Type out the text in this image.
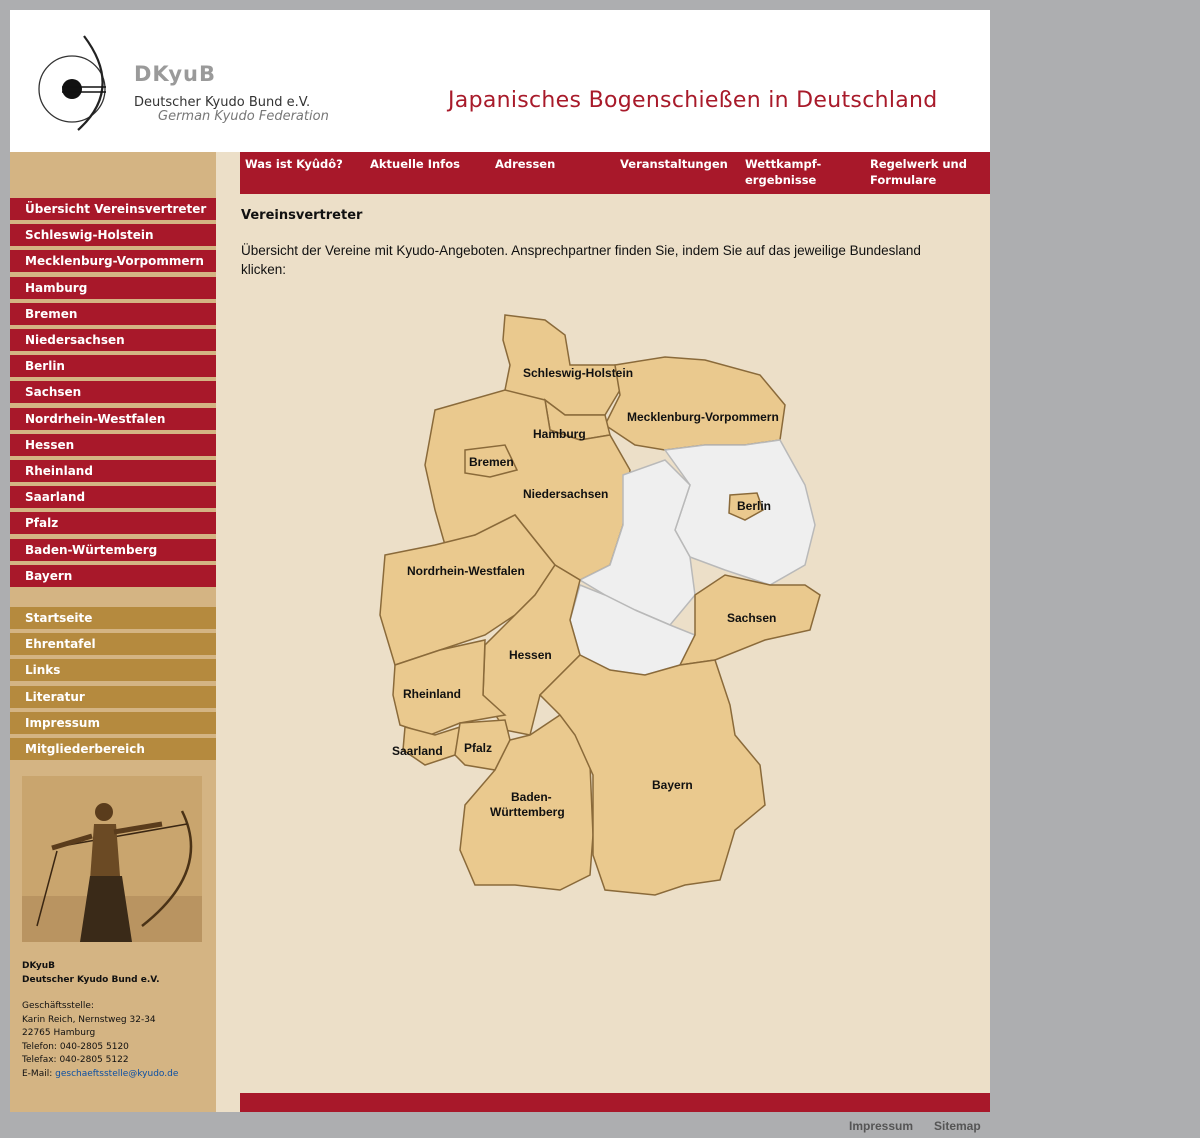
DKyuB
Deutscher Kyudo Bund e.V.
German Kyudo Federation
Japanisches Bogenschießen in Deutschland
Übersicht Vereinsvertreter
Schleswig-Holstein
Mecklenburg-Vorpommern
Hamburg
Bremen
Niedersachsen
Berlin
Sachsen
Nordrhein-Westfalen
Hessen
Rheinland
Saarland
Pfalz
Baden-Würtemberg
Bayern
Startseite
Ehrentafel
Links
Literatur
Impressum
Mitgliederbereich
DKyuB
Deutscher Kyudo Bund e.V.
Geschäftsstelle:
Karin Reich, Nernstweg 32-34
22765 Hamburg
Telefon: 040-2805 5120
Telefax: 040-2805 5122
E-Mail: geschaeftsstelle@kyudo.de
Was ist Kyûdô? Aktuelle Infos	Adressen	Veranstaltungen Wettkampf-
ergebnisse
Regelwerk und
Formulare
Vereinsvertreter
Übersicht der Vereine mit Kyudo-Angeboten. Ansprechpartner finden Sie, indem Sie auf das jeweilige Bundesland klicken:
Schleswig-Holstein
Mecklenburg-Vorpommern
Hamburg
Bremen
Niedersachsen
Berlin
Nordrhein-Westfalen
Sachsen
Hessen
Rheinland
Saarland Pfalz
Baden-
Württemberg
Bayern
Impressum Sitemap
